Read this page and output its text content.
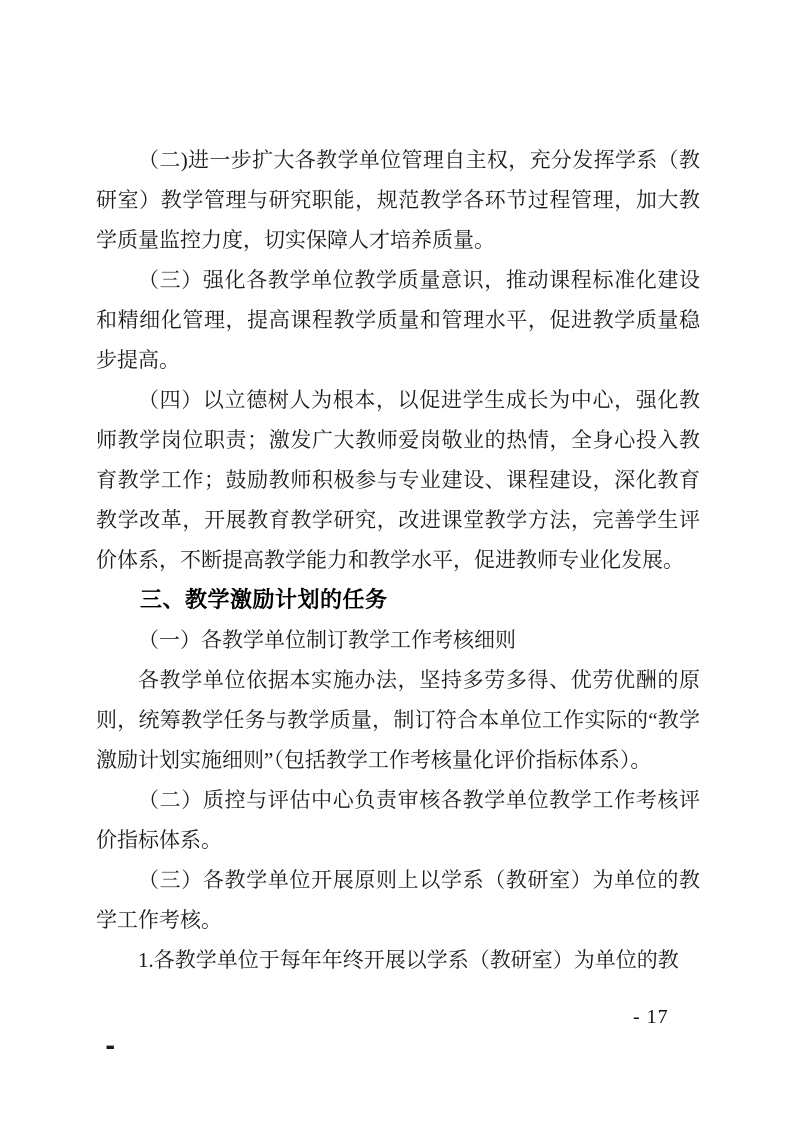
（二)进一步扩大各教学单位管理自主权，充分发挥学系（教研室）教学管理与研究职能，规范教学各环节过程管理，加大教学质量监控力度，切实保障人才培养质量。

（三）强化各教学单位教学质量意识，推动课程标准化建设和精细化管理，提高课程教学质量和管理水平，促进教学质量稳步提高。

（四）以立德树人为根本，以促进学生成长为中心，强化教师教学岗位职责；激发广大教师爱岗敬业的热情，全身心投入教育教学工作；鼓励教师积极参与专业建设、课程建设，深化教育教学改革，开展教育教学研究，改进课堂教学方法，完善学生评价体系，不断提高教学能力和教学水平，促进教师专业化发展。

三、教学激励计划的任务

（一）各教学单位制订教学工作考核细则

各教学单位依据本实施办法，坚持多劳多得、优劳优酬的原则，统筹教学任务与教学质量，制订符合本单位工作实际的“教学激励计划实施细则”（包括教学工作考核量化评价指标体系）。

（二）质控与评估中心负责审核各教学单位教学工作考核评价指标体系。

（三）各教学单位开展原则上以学系（教研室）为单位的教学工作考核。

1.各教学单位于每年年终开展以学系（教研室）为单位的教

- 17
-
